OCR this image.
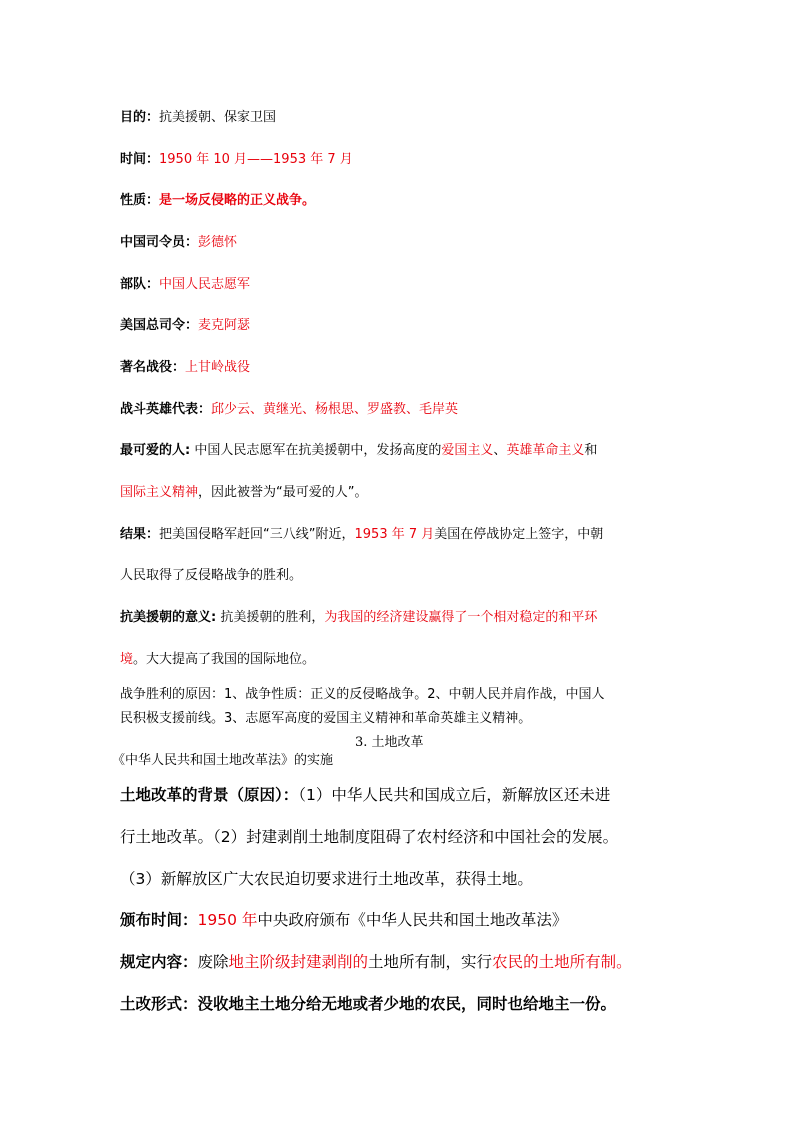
目的：抗美援朝、保家卫国
时间：1950 年 10 月——1953 年 7 月
性质：是一场反侵略的正义战争。
中国司令员：彭德怀
部队：中国人民志愿军
美国总司令：麦克阿瑟
著名战役：上甘岭战役
战斗英雄代表：邱少云、黄继光、杨根思、罗盛教、毛岸英
最可爱的人: 中国人民志愿军在抗美援朝中，发扬高度的爱国主义、英雄革命主义和
国际主义精神，因此被誉为“最可爱的人”。
结果：把美国侵略军赶回“三八线”附近，1953 年 7 月美国在停战协定上签字，中朝
人民取得了反侵略战争的胜利。
抗美援朝的意义: 抗美援朝的胜利，为我国的经济建设赢得了一个相对稳定的和平环
境。大大提高了我国的国际地位。
战争胜利的原因：1、战争性质：正义的反侵略战争。2、中朝人民并肩作战，中国人
民积极支援前线。3、志愿军高度的爱国主义精神和革命英雄主义精神。
3. 土地改革
《中华人民共和国土地改革法》的实施
土地改革的背景（原因）：（1）中华人民共和国成立后，新解放区还未进
行土地改革。（2）封建剥削土地制度阻碍了农村经济和中国社会的发展。
（3）新解放区广大农民迫切要求进行土地改革，获得土地。
颁布时间：1950 年中央政府颁布《中华人民共和国土地改革法》
规定内容：废除地主阶级封建剥削的土地所有制，实行农民的土地所有制。
土改形式：没收地主土地分给无地或者少地的农民，同时也给地主一份。
